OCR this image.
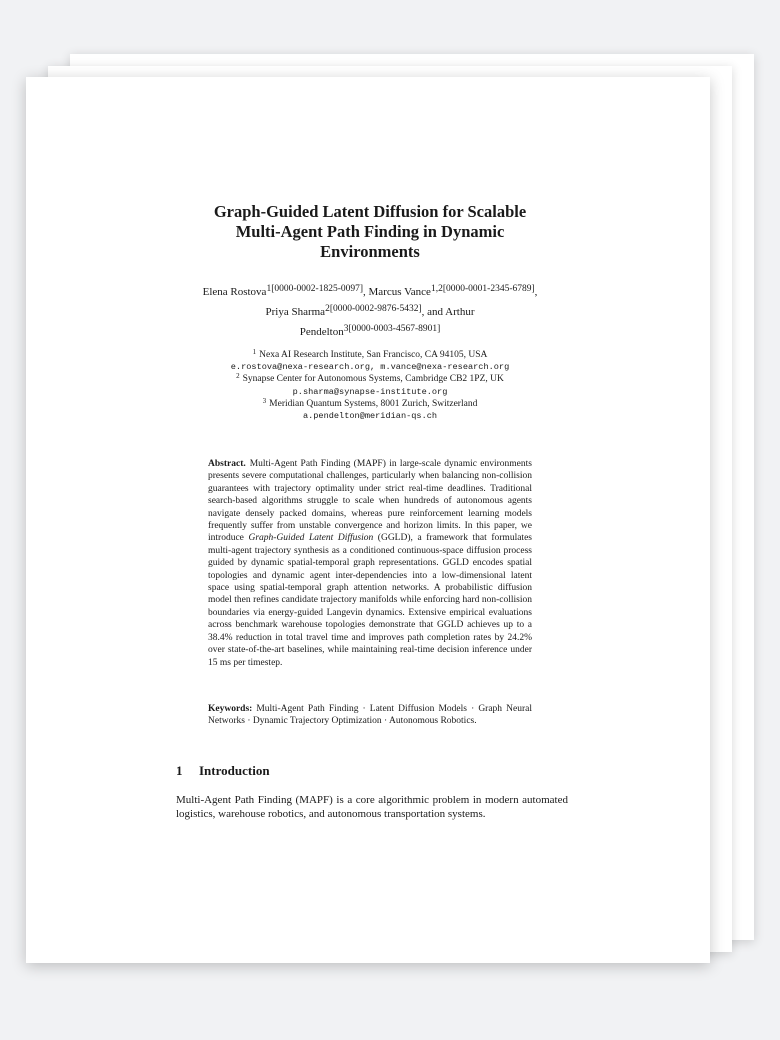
Graph-Guided Latent Diffusion for Scalable
Multi-Agent Path Finding in Dynamic
Environments
Elena Rostova$^{1[0000-0002-1825-0097]}$, Marcus Vance$^{1,2[0000-0001-2345-6789]}$,
Priya Sharma$^{2[0000-0002-9876-5432]}$, and Arthur
Pendelton$^{3[0000-0003-4567-8901]}$
$^1$ Nexa AI Research Institute, San Francisco, CA 94105, USA
e.rostova@nexa-research.org, m.vance@nexa-research.org
$^2$ Synapse Center for Autonomous Systems, Cambridge CB2 1PZ, UK
p.sharma@synapse-institute.org
$^3$ Meridian Quantum Systems, 8001 Zurich, Switzerland
a.pendelton@meridian-qs.ch

Abstract. Multi-Agent Path Finding (MAPF) in large-scale dynamic environments presents severe computational challenges, particularly when balancing non-collision guarantees with trajectory optimality under strict real-time deadlines. Traditional search-based algorithms struggle to scale when hundreds of autonomous agents navigate densely packed domains, whereas pure reinforcement learning models frequently suffer from unstable convergence and horizon limits. In this paper, we introduce Graph-Guided Latent Diffusion (GGLD), a framework that formulates multi-agent trajectory synthesis as a conditioned continuous-space diffusion process guided by dynamic spatial-temporal graph representations. GGLD encodes spatial topologies and dynamic agent inter-dependencies into a low-dimensional latent space using spatial-temporal graph attention networks. A probabilistic diffusion model then refines candidate trajectory manifolds while enforcing hard non-collision boundaries via energy-guided Langevin dynamics. Extensive empirical evaluations across benchmark warehouse topologies demonstrate that GGLD achieves up to a 38.4% reduction in total travel time and improves path completion rates by 24.2% over state-of-the-art baselines, while maintaining real-time decision inference under 15 ms per timestep.

Keywords: Multi-Agent Path Finding · Latent Diffusion Models · Graph Neural Networks · Dynamic Trajectory Optimization · Autonomous Robotics.

1 Introduction

Multi-Agent Path Finding (MAPF) is a core algorithmic problem in modern automated logistics, warehouse robotics, and autonomous transportation systems.
